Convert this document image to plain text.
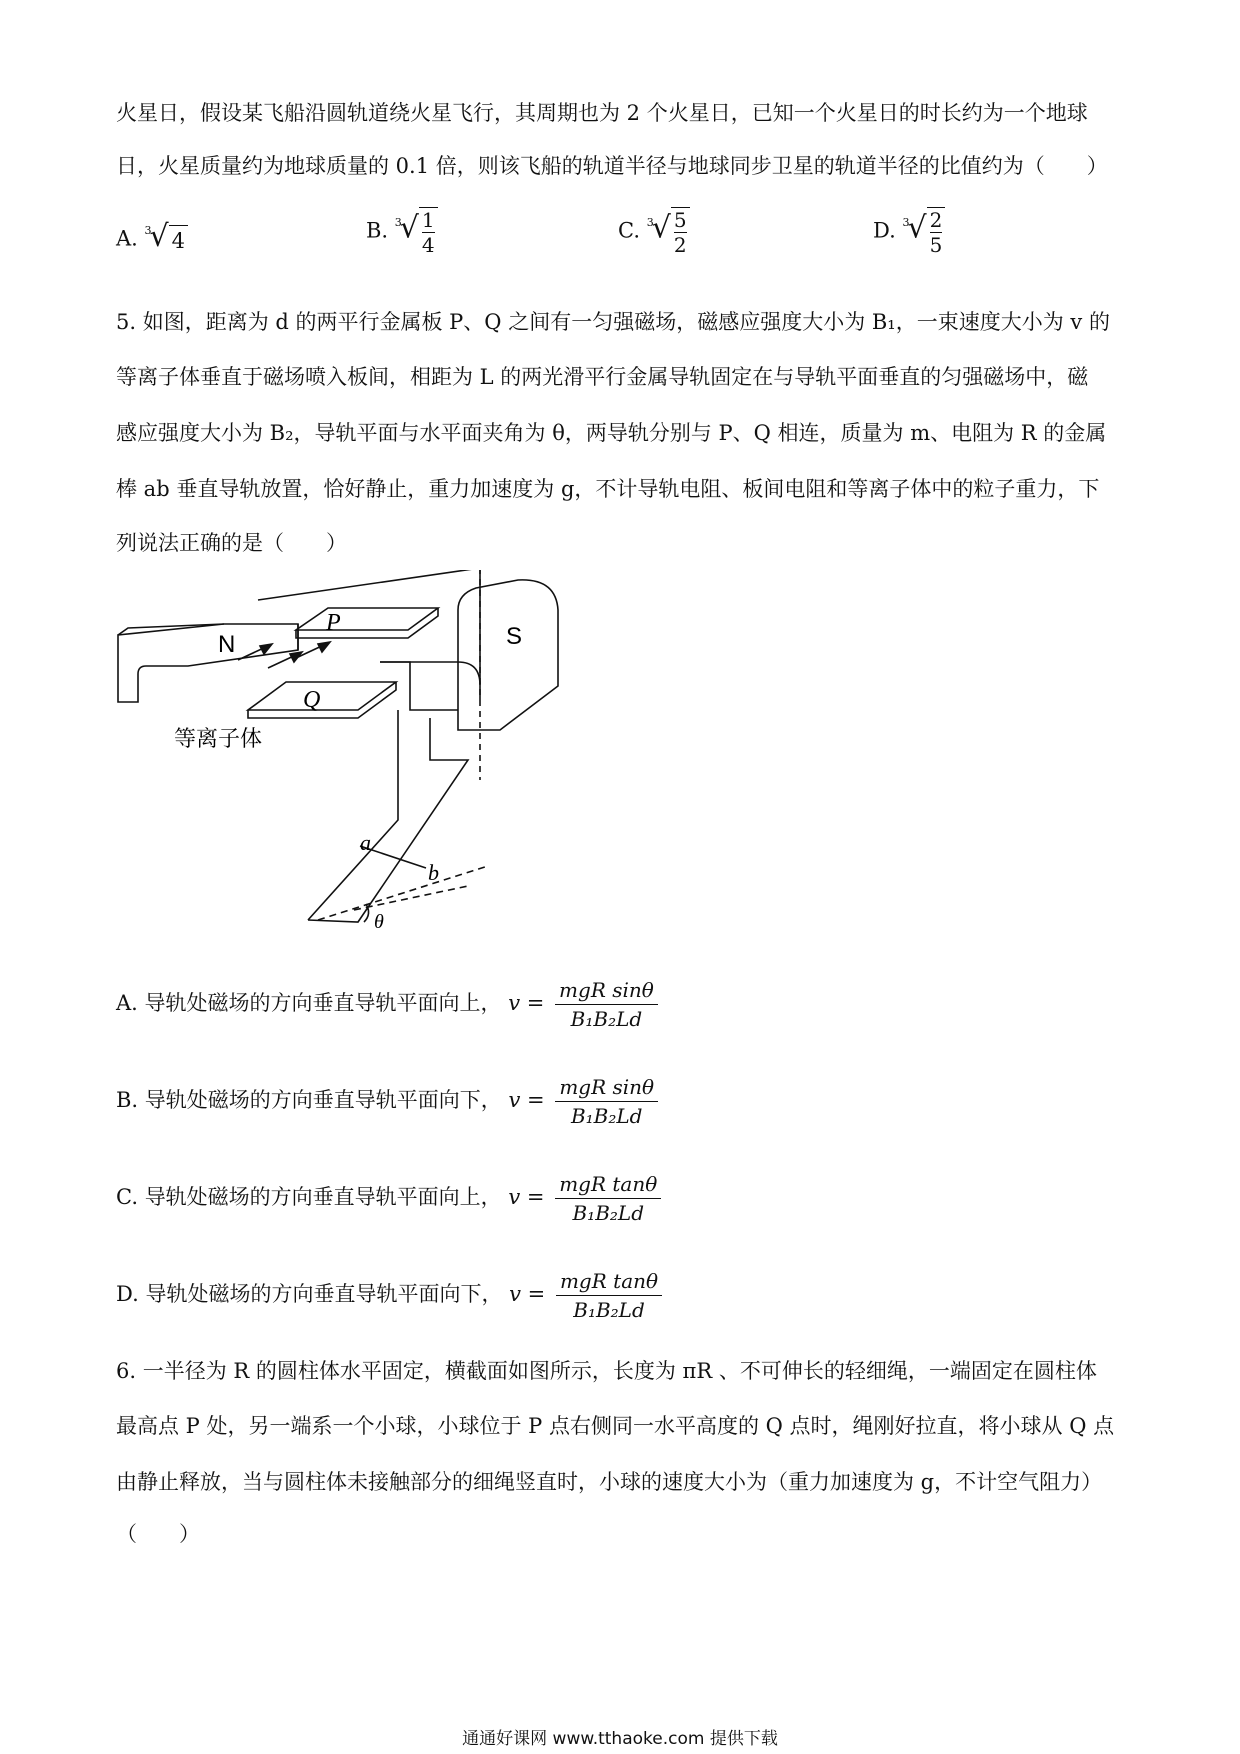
火星日，假设某飞船沿圆轨道绕火星飞行，其周期也为 2 个火星日，已知一个火星日的时长约为一个地球
日，火星质量约为地球质量的 0.1 倍，则该飞船的轨道半径与地球同步卫星的轨道半径的比值约为（　　）
A. $^3$√ 4	B. $^3√ \frac{1}{4}$	C. $^3√ \frac{5}{2}$	D. $^3√ \frac{2}{5}$
5. 如图，距离为 d 的两平行金属板 P、Q 之间有一匀强磁场，磁感应强度大小为 B₁，一束速度大小为 v 的
等离子体垂直于磁场喷入板间，相距为 L 的两光滑平行金属导轨固定在与导轨平面垂直的匀强磁场中，磁
感应强度大小为 B₂，导轨平面与水平面夹角为 θ，两导轨分别与 P、Q 相连，质量为 m、电阻为 R 的金属
棒 ab 垂直导轨放置，恰好静止，重力加速度为 g，不计导轨电阻、板间电阻和等离子体中的粒子重力，下
列说法正确的是（　　）
N
P	S
Q
等离子体
a
b
θ
A. 导轨处磁场的方向垂直导轨平面向上， $v = \frac{\text{mgR sinθ}}{\text{B₁B₂Ld}}$
B. 导轨处磁场的方向垂直导轨平面向下， $v = \frac{\text{mgR sinθ}}{\text{B₁B₂Ld}}$
C. 导轨处磁场的方向垂直导轨平面向上， $v = \frac{\text{mgR tanθ}}{\text{B₁B₂Ld}}$
D. 导轨处磁场的方向垂直导轨平面向下， $v = \frac{\text{mgR tanθ}}{\text{B₁B₂Ld}}$
6. 一半径为 R 的圆柱体水平固定，横截面如图所示，长度为 πR 、不可伸长的轻细绳，一端固定在圆柱体
最高点 P 处，另一端系一个小球，小球位于 P 点右侧同一水平高度的 Q 点时，绳刚好拉直，将小球从 Q 点
由静止释放，当与圆柱体未接触部分的细绳竖直时，小球的速度大小为（重力加速度为 g，不计空气阻力）
（　　）
通通好课网 www.tthaoke.com 提供下载
